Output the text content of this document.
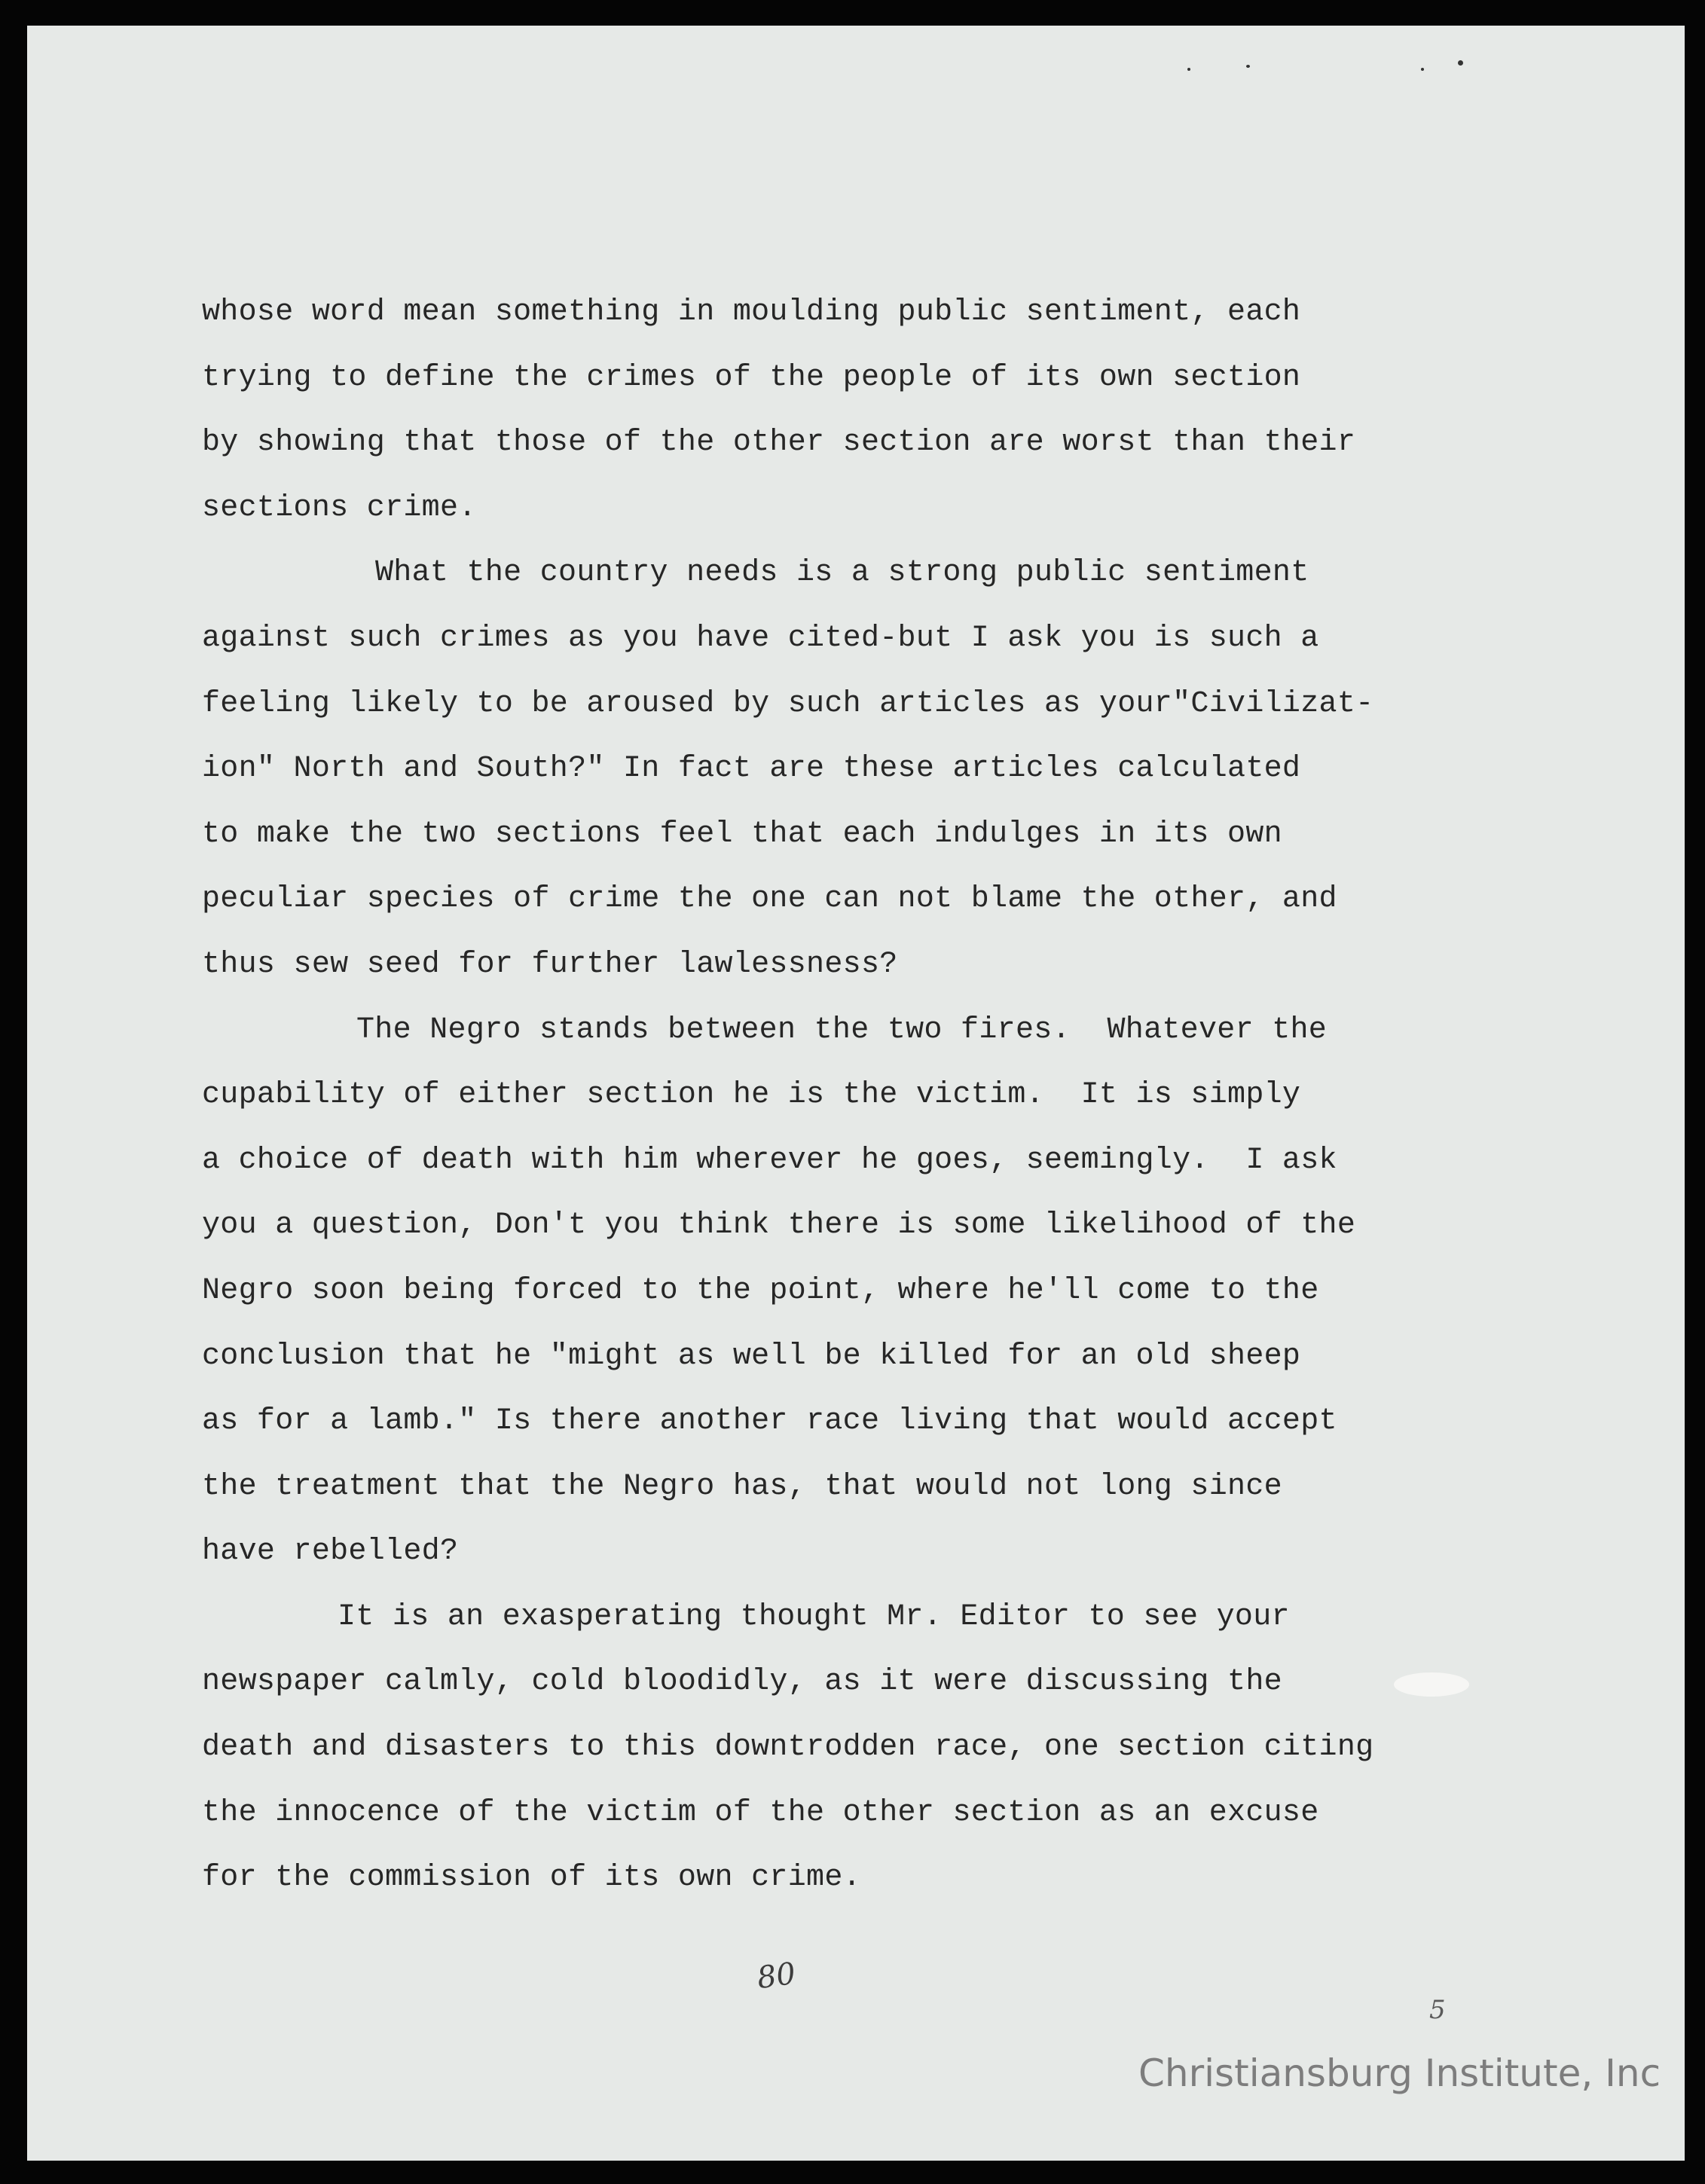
whose word mean something in moulding public sentiment, each
trying to define the crimes of the people of its own section
by showing that those of the other section are worst than their
sections crime.
What the country needs is a strong public sentiment
against such crimes as you have cited-but I ask you is such a
feeling likely to be aroused by such articles as your"Civilizat-
ion" North and South?" In fact are these articles calculated
to make the two sections feel that each indulges in its own
peculiar species of crime the one can not blame the other, and
thus sew seed for further lawlessness?
The Negro stands between the two fires.  Whatever the
cupability of either section he is the victim.  It is simply
a choice of death with him wherever he goes, seemingly.  I ask
you a question, Don't you think there is some likelihood of the
Negro soon being forced to the point, where he'll come to the
conclusion that he "might as well be killed for an old sheep
as for a lamb." Is there another race living that would accept
the treatment that the Negro has, that would not long since
have rebelled?
It is an exasperating thought Mr. Editor to see your
newspaper calmly, cold bloodidly, as it were discussing the
death and disasters to this downtrodden race, one section citing
the innocence of the victim of the other section as an excuse
for the commission of its own crime.
80
5
Christiansburg Institute, Inc
